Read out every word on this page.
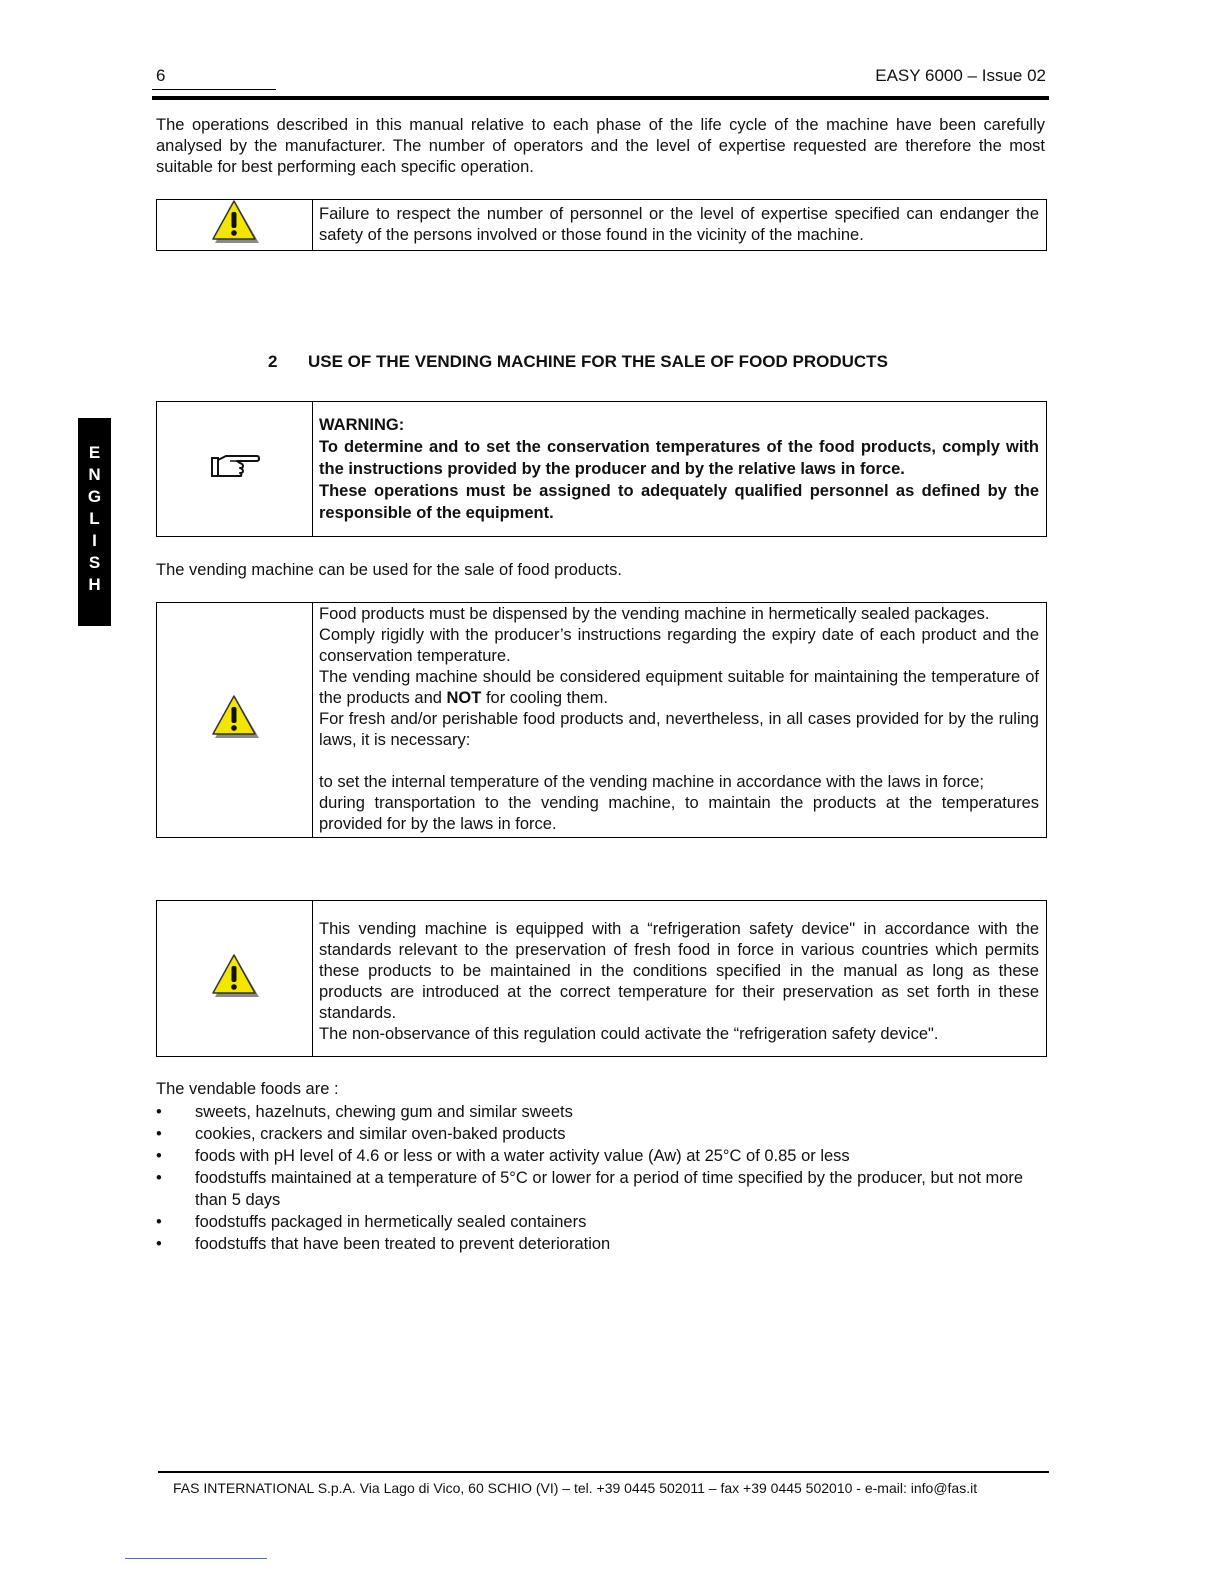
6	EASY 6000 – Issue 02

The operations described in this manual relative to each phase of the life cycle of the machine have been carefully analysed by the manufacturer. The number of operators and the level of expertise requested are therefore the most suitable for best performing each specific operation.

	Failure to respect the number of personnel or the level of expertise specified can endanger the safety of the persons involved or those found in the vicinity of the machine.
2 USE OF THE VENDING MACHINE FOR THE SALE OF FOOD PRODUCTS

WARNING:

To determine and to set the conservation temperatures of the food products, comply with the instructions provided by the producer and by the relative laws in force.

These operations must be assigned to adequately qualified personnel as defined by the responsible of the equipment.

The vending machine can be used for the sale of food products.

Food products must be dispensed by the vending machine in hermetically sealed packages.

Comply rigidly with the producer’s instructions regarding the expiry date of each product and the conservation temperature.

The vending machine should be considered equipment suitable for maintaining the temperature of the products and NOT for cooling them.

For fresh and/or perishable food products and, nevertheless, in all cases provided for by the ruling laws, it is necessary:

to set the internal temperature of the vending machine in accordance with the laws in force;

during transportation to the vending machine, to maintain the products at the temperatures provided for by the laws in force.

This vending machine is equipped with a “refrigeration safety device" in accordance with the standards relevant to the preservation of fresh food in force in various countries which permits these products to be maintained in the conditions specified in the manual as long as these products are introduced at the correct temperature for their preservation as set forth in these standards.

The non-observance of this regulation could activate the “refrigeration safety device".

The vendable foods are :

• sweets, hazelnuts, chewing gum and similar sweets
• cookies, crackers and similar oven-baked products
• foods with pH level of 4.6 or less or with a water activity value (Aw) at 25°C of 0.85 or less
• foodstuffs maintained at a temperature of 5°C or lower for a period of time specified by the producer, but not more than 5 days
• foodstuffs packaged in hermetically sealed containers
• foodstuffs that have been treated to prevent deterioration
E
N
G
L
I
S
H
FAS INTERNATIONAL S.p.A. Via Lago di Vico, 60 SCHIO (VI) – tel. +39 0445 502011 – fax +39 0445 502010 - e-mail: info@fas.it
